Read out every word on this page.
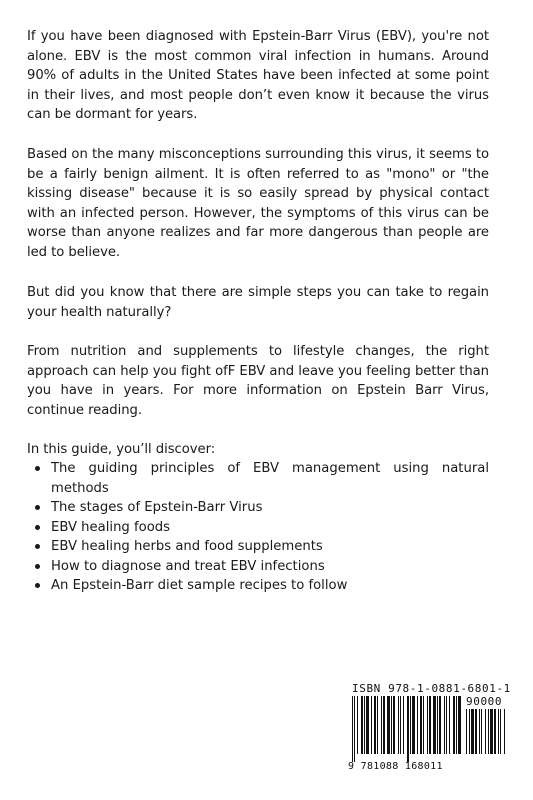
If you have been diagnosed with Epstein-Barr Virus (EBV), you're not alone. EBV is the most common viral infection in humans. Around 90% of adults in the United States have been infected at some point in their lives, and most people don’t even know it because the virus can be dormant for years.

Based on the many misconceptions surrounding this virus, it seems to be a fairly benign ailment. It is often referred to as "mono" or "the kissing disease" because it is so easily spread by physical contact with an infected person. However, the symptoms of this virus can be worse than anyone realizes and far more dangerous than people are led to believe.

But did you know that there are simple steps you can take to regain your health naturally?

From nutrition and supplements to lifestyle changes, the right approach can help you fight ofF EBV and leave you feeling better than you have in years. For more information on Epstein Barr Virus, continue reading.

In this guide, you’ll discover:

The guiding principles of EBV management using natural methods
The stages of Epstein-Barr Virus
EBV healing foods
EBV healing herbs and food supplements
How to diagnose and treat EBV infections
An Epstein-Barr diet sample recipes to follow
ISBN 978-1-0881-6801-1
90000
9 781088 168011
